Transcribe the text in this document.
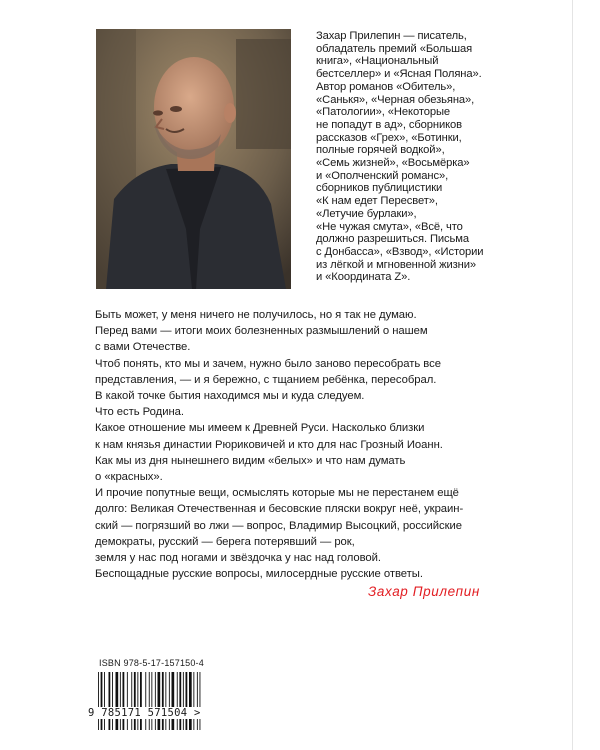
Захар Прилепин — писатель,
обладатель премий «Большая
книга», «Национальный
бестселлер» и «Ясная Поляна».
Автор романов «Обитель»,
«Санькя», «Черная обезьяна»,
«Патологии», «Некоторые
не попадут в ад», сборников
рассказов «Грех», «Ботинки,
полные горячей водкой»,
«Семь жизней», «Восьмёрка»
и «Ополченский романс»,
сборников публицистики
«К нам едет Пересвет»,
«Летучие бурлаки»,
«Не чужая смута», «Всё, что
должно разрешиться. Письма
с Донбасса», «Взвод», «Истории
из лёгкой и мгновенной жизни»
и «Координата Z».

Быть может, у меня ничего не получилось, но я так не думаю.
Перед вами — итоги моих болезненных размышлений о нашем
с вами Отечестве.
Чтоб понять, кто мы и зачем, нужно было заново пересобрать все
представления, — и я бережно, с тщанием ребёнка, пересобрал.
В какой точке бытия находимся мы и куда следуем.
Что есть Родина.
Какое отношение мы имеем к Древней Руси. Насколько близки
к нам князья династии Рюриковичей и кто для нас Грозный Иоанн.
Как мы из дня нынешнего видим «белых» и что нам думать
о «красных».
И прочие попутные вещи, осмыслять которые мы не перестанем ещё
долго: Великая Отечественная и бесовские пляски вокруг неё, украин-
ский — погрязший во лжи — вопрос, Владимир Высоцкий, российские
демократы, русский — берега потерявший — рок,
земля у нас под ногами и звёздочка у нас над головой.
Беспощадные русские вопросы, милосердные русские ответы.
Захар Прилепин
ISBN 978-5-17-157150-4
9 785171 571504 >
